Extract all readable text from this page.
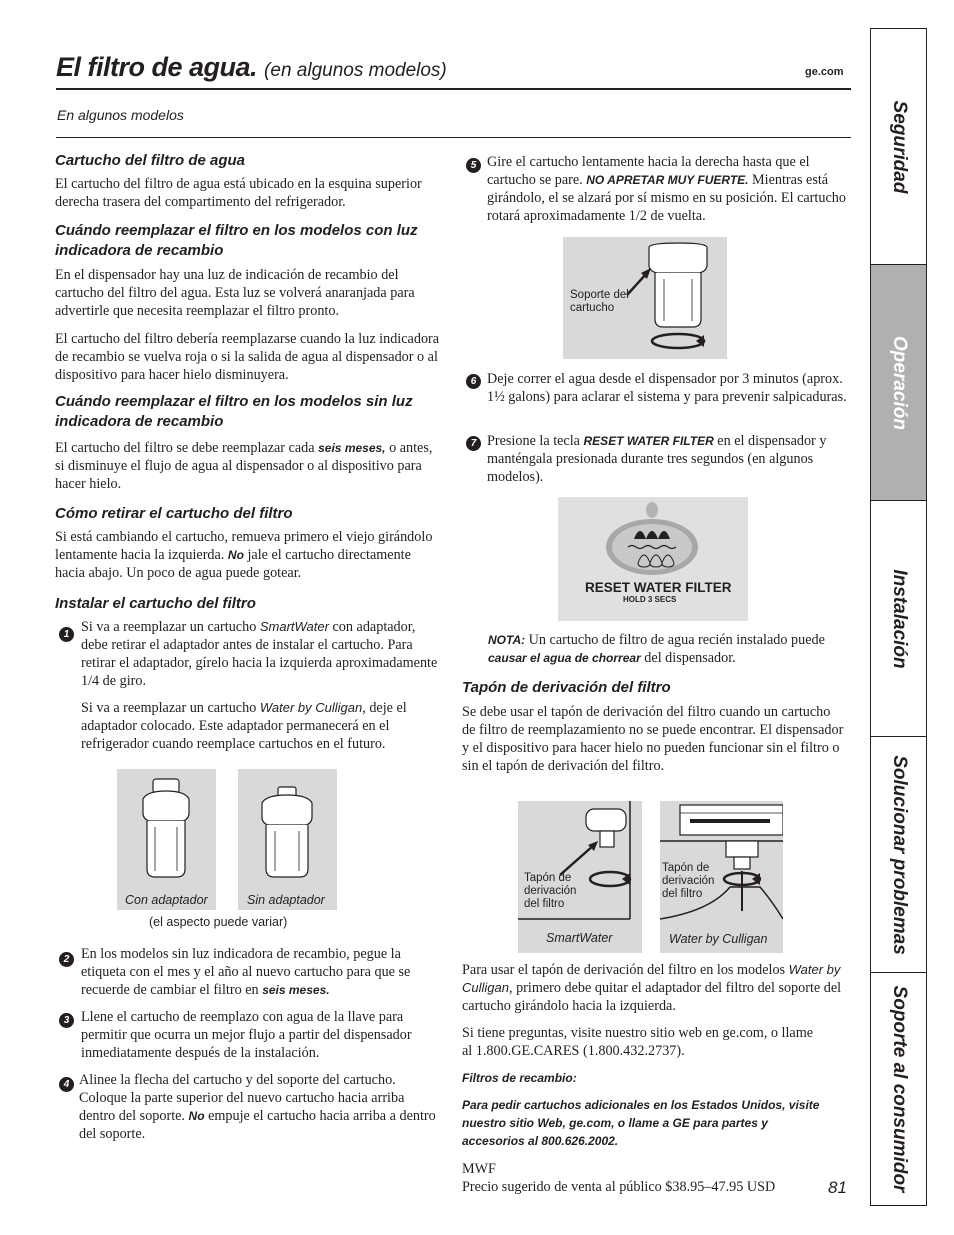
El filtro de agua. (en algunos modelos)	ge.com
En algunos modelos	Seguridad
Operación
Instalación
Solucionar problemas
Soporte al consumidor
Cartucho del filtro de agua
El cartucho del filtro de agua está ubicado en la esquina superior derecha trasera del compartimento del refrigerador.
Cuándo reemplazar el filtro en los modelos con luz indicadora de recambio
En el dispensador hay una luz de indicación de recambio del cartucho del filtro del agua. Esta luz se volverá anaranjada para advertirle que necesita reemplazar el filtro pronto.
El cartucho del filtro debería reemplazarse cuando la luz indicadora de recambio se vuelva roja o si la salida de agua al dispensador o al dispositivo para hacer hielo disminuyera.
Cuándo reemplazar el filtro en los modelos sin luz indicadora de recambio
El cartucho del filtro se debe reemplazar cada seis meses, o antes, si disminuye el flujo de agua al dispensador o al dispositivo para hacer hielo.
Cómo retirar el cartucho del filtro
Si está cambiando el cartucho, remueva primero el viejo girándolo lentamente hacia la izquierda. No jale el cartucho directamente hacia abajo. Un poco de agua puede gotear.
Instalar el cartucho del filtro
1 Si va a reemplazar un cartucho SmartWater con adaptador, debe retirar el adaptador antes de instalar el cartucho. Para retirar el adaptador, gírelo hacia la izquierda aproximadamente 1/4 de giro.
Si va a reemplazar un cartucho Water by Culligan, deje el adaptador colocado. Este adaptador permanecerá en el refrigerador cuando reemplace cartuchos en el futuro.
Con adaptador	Sin adaptador
(el aspecto puede variar)
2 En los modelos sin luz indicadora de recambio, pegue la etiqueta con el mes y el año al nuevo cartucho para que se recuerde de cambiar el filtro en seis meses.
3 Llene el cartucho de reemplazo con agua de la llave para permitir que ocurra un mejor flujo a partir del dispensador inmediatamente después de la instalación.
4 Alinee la flecha del cartucho y del soporte del cartucho. Coloque la parte superior del nuevo cartucho hacia arriba dentro del soporte. No empuje el cartucho hacia arriba a dentro del soporte.
5 Gire el cartucho lentamente hacia la derecha hasta que el cartucho se pare. NO APRETAR MUY FUERTE. Mientras está girándolo, el se alzará por sí mismo en su posición. El cartucho rotará aproximadamente 1/2 de vuelta.
Soporte del cartucho
6 Deje correr el agua desde el dispensador por 3 minutos (aprox. 1½ galons) para aclarar el sistema y para prevenir salpicaduras.
7 Presione la tecla RESET WATER FILTER en el dispensador y manténgala presionada durante tres segundos (en algunos modelos).
RESET WATER FILTER
HOLD 3 SECS
NOTA: Un cartucho de filtro de agua recién instalado puede causar el agua de chorrear del dispensador.
Tapón de derivación del filtro
Se debe usar el tapón de derivación del filtro cuando un cartucho de filtro de reemplazamiento no se puede encontrar. El dispensador y el dispositivo para hacer hielo no pueden funcionar sin el filtro o sin el tapón de derivación del filtro.
Tapón de derivación del filtro
SmartWater
Tapón de derivación del filtro
Water by Culligan
Para usar el tapón de derivación del filtro en los modelos Water by Culligan, primero debe quitar el adaptador del filtro del soporte del cartucho girándolo hacia la izquierda.
Si tiene preguntas, visite nuestro sitio web en ge.com, o llame al 1.800.GE.CARES (1.800.432.2737).
Filtros de recambio:
Para pedir cartuchos adicionales en los Estados Unidos, visite nuestro sitio Web, ge.com, o llame a GE para partes y accesorios al 800.626.2002.
MWF
Precio sugerido de venta al público $38.95–47.95 USD	81
